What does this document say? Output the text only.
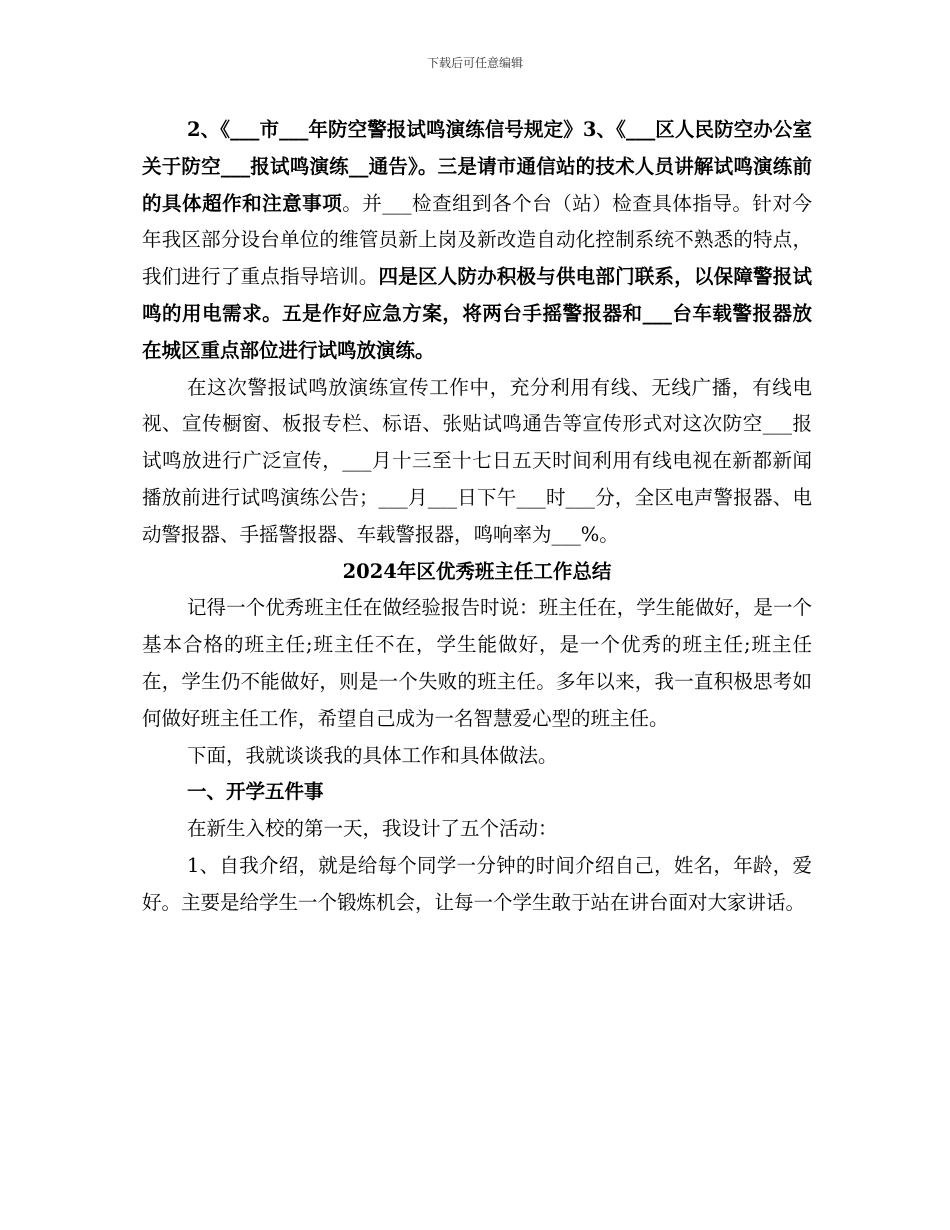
下载后可任意编辑

2、《___市___年防空警报试鸣演练信号规定》3、《___区人民防空办公室关于防空___报试鸣演练__通告》。三是请市通信站的技术人员讲解试鸣演练前的具体超作和注意事项。并___检查组到各个台（站）检查具体指导。针对今年我区部分设台单位的维管员新上岗及新改造自动化控制系统不熟悉的特点，我们进行了重点指导培训。四是区人防办积极与供电部门联系，以保障警报试鸣的用电需求。五是作好应急方案，将两台手摇警报器和___台车载警报器放在城区重点部位进行试鸣放演练。

在这次警报试鸣放演练宣传工作中，充分利用有线、无线广播，有线电视、宣传橱窗、板报专栏、标语、张贴试鸣通告等宣传形式对这次防空___报试鸣放进行广泛宣传，___月十三至十七日五天时间利用有线电视在新都新闻播放前进行试鸣演练公告；___月___日下午___时___分，全区电声警报器、电动警报器、手摇警报器、车载警报器，鸣响率为___%。

2024年区优秀班主任工作总结

记得一个优秀班主任在做经验报告时说：班主任在，学生能做好，是一个基本合格的班主任;班主任不在，学生能做好，是一个优秀的班主任;班主任在，学生仍不能做好，则是一个失败的班主任。多年以来，我一直积极思考如何做好班主任工作，希望自己成为一名智慧爱心型的班主任。

下面，我就谈谈我的具体工作和具体做法。

一、开学五件事

在新生入校的第一天，我设计了五个活动：

1、自我介绍，就是给每个同学一分钟的时间介绍自己，姓名，年龄，爱好。主要是给学生一个锻炼机会，让每一个学生敢于站在讲台面对大家讲话。
